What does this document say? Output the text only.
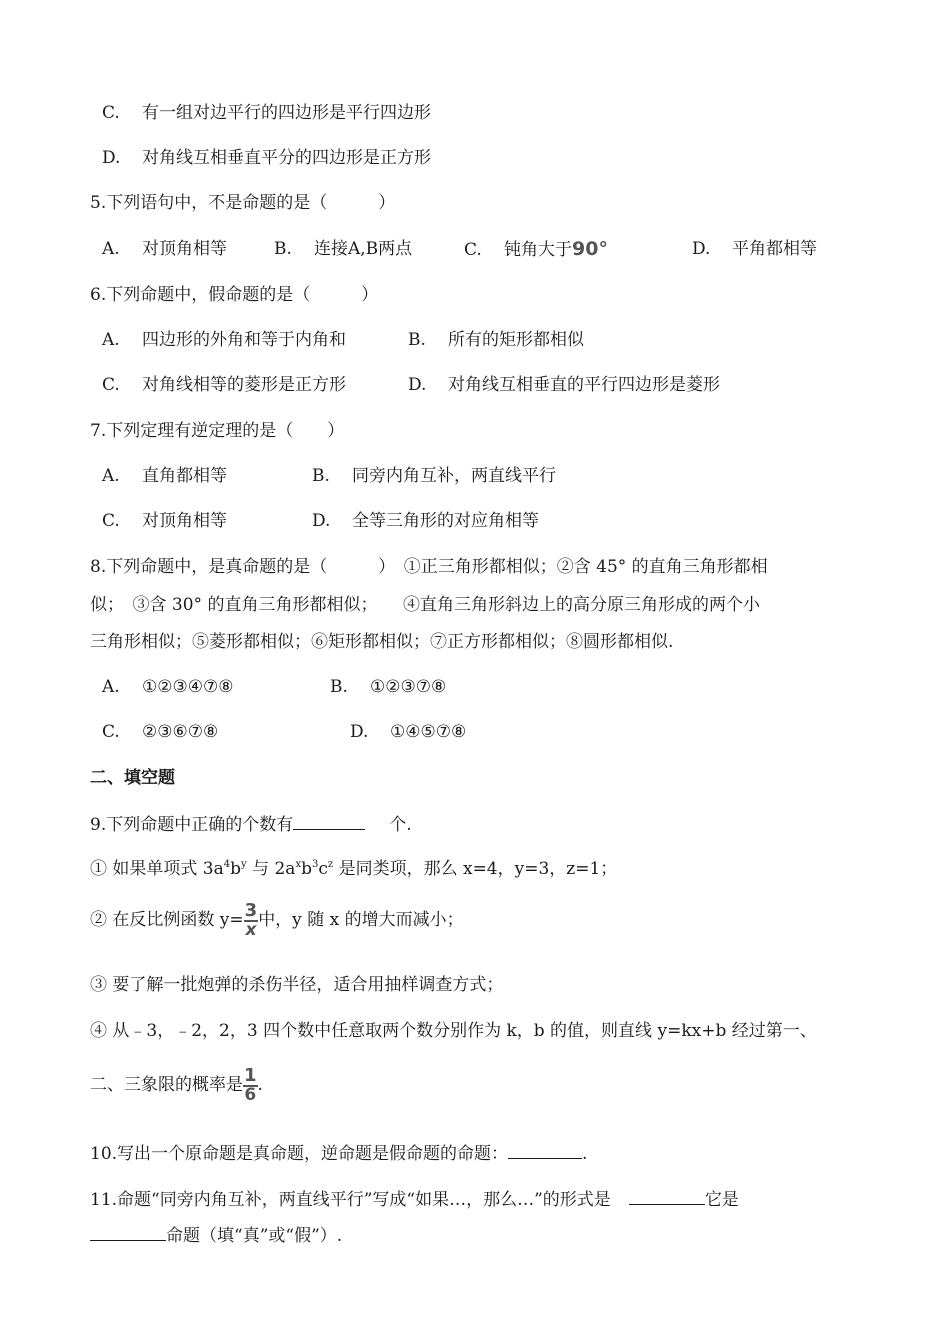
C. 有一组对边平行的四边形是平行四边形
D. 对角线互相垂直平分的四边形是正方形
5.下列语句中，不是命题的是（　　　）
A. 对顶角相等	B. 连接A,B两点	C. 钝角大于90°	D. 平角都相等
6.下列命题中，假命题的是（　　　）
A. 四边形的外角和等于内角和	B. 所有的矩形都相似
C. 对角线相等的菱形是正方形	D. 对角线互相垂直的平行四边形是菱形
7.下列定理有逆定理的是（　　）
A. 直角都相等	B. 同旁内角互补，两直线平行
C. 对顶角相等	D. 全等三角形的对应角相等
8.下列命题中，是真命题的是（　　　）　①正三角形都相似；②含 45° 的直角三角形都相
似；　③含 30° 的直角三角形都相似；　　④直角三角形斜边上的高分原三角形成的两个小
三角形相似；⑤菱形都相似；⑥矩形都相似；⑦正方形都相似；⑧圆形都相似.
A. ①②③④⑦⑧	B. ①②③⑦⑧
C. ②③⑥⑦⑧	D. ①④⑤⑦⑧
二、填空题
9.下列命题中正确的个数有	个.
① 如果单项式 $3a^4b^y$ 与 $2a^xb^3c^z$ 是同类项，那么 x=4，y=3，z=1；
② 在反比例函数 $y= \frac{3}{x}$ 中，y 随 x 的增大而减小；
③ 要了解一批炮弹的杀伤半径，适合用抽样调查方式；
④ 从﹣3，﹣2，2，3 四个数中任意取两个数分别作为 k，b 的值，则直线 y=kx+b 经过第一、
二、三象限的概率是 $\frac{1}{6}$ .
10.写出一个原命题是真命题，逆命题是假命题的命题：	.
11.命题“同旁内角互补，两直线平行”写成“如果…，那么…”的形式是	它是
命题（填“真”或“假”）.
